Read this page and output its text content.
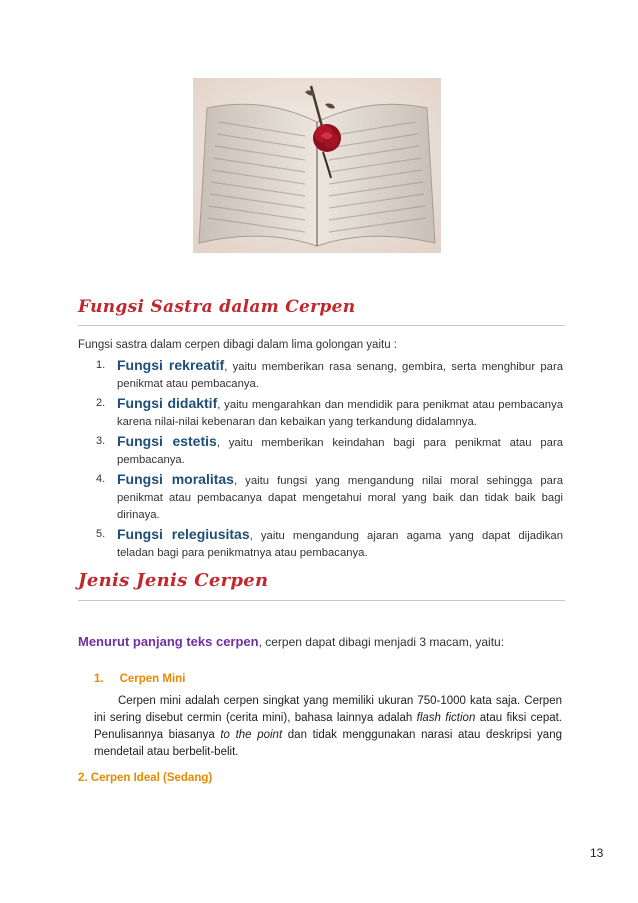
Fungsi Sastra dalam Cerpen
Fungsi sastra dalam cerpen dibagi dalam lima golongan yaitu :
1. Fungsi rekreatif, yaitu memberikan rasa senang, gembira, serta menghibur para penikmat atau pembacanya.
2. Fungsi didaktif, yaitu mengarahkan dan mendidik para penikmat atau pembacanya karena nilai-nilai kebenaran dan kebaikan yang terkandung didalamnya.
3. Fungsi estetis, yaitu memberikan keindahan bagi para penikmat atau para pembacanya.
4. Fungsi moralitas, yaitu fungsi yang mengandung nilai moral sehingga para penikmat atau pembacanya dapat mengetahui moral yang baik dan tidak baik bagi dirinaya.
5. Fungsi relegiusitas, yaitu mengandung ajaran agama yang dapat dijadikan teladan bagi para penikmatnya atau pembacanya.
Jenis Jenis Cerpen
Menurut panjang teks cerpen, cerpen dapat dibagi menjadi 3 macam, yaitu:
1. Cerpen Mini

Cerpen mini adalah cerpen singkat yang memiliki ukuran 750-1000 kata saja. Cerpen ini sering disebut cermin (cerita mini), bahasa lainnya adalah flash fiction atau fiksi cepat. Penulisannya biasanya to the point dan tidak menggunakan narasi atau deskripsi yang mendetail atau berbelit-belit.

2. Cerpen Ideal (Sedang)
13
